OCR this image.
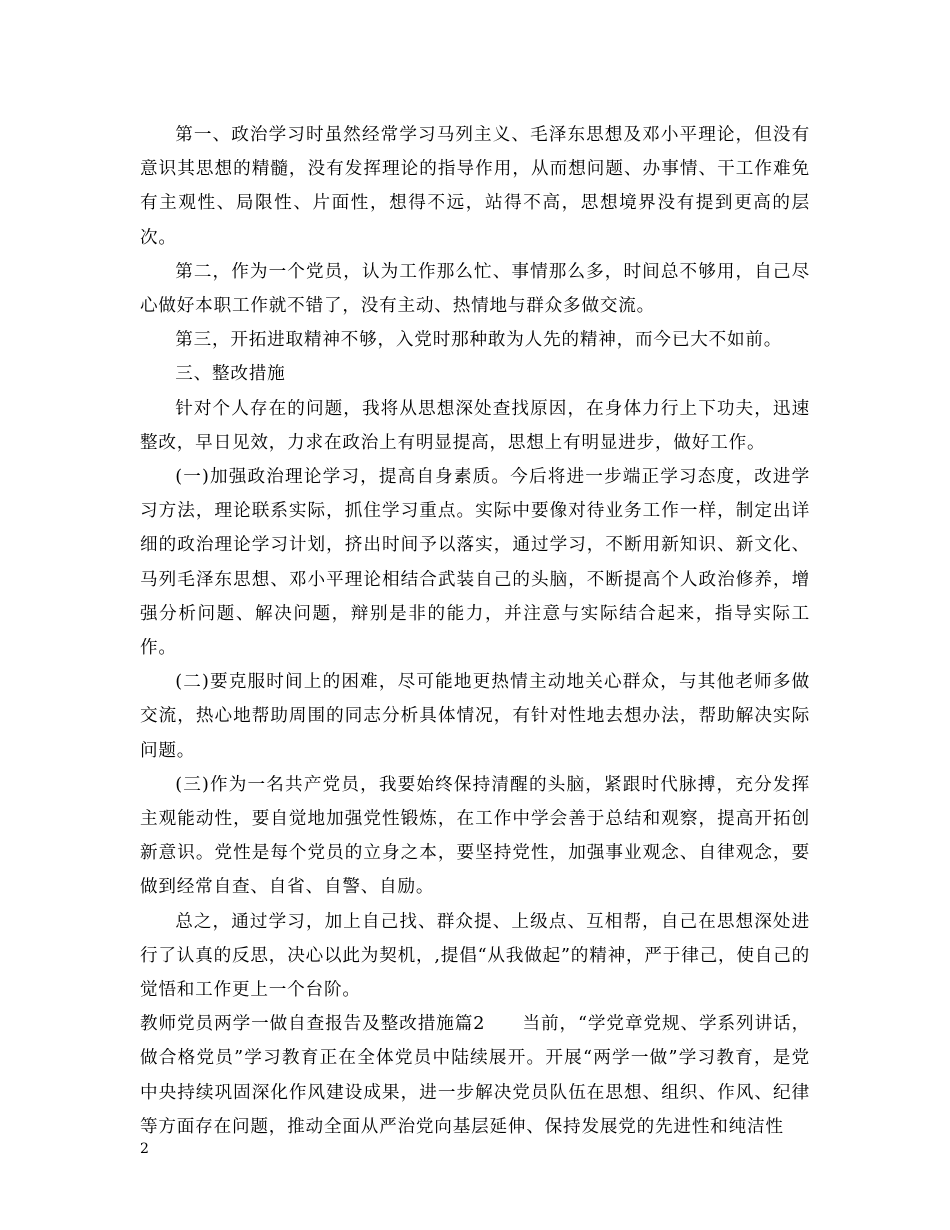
第一、政治学习时虽然经常学习马列主义、毛泽东思想及邓小平理论，但没有意识其思想的精髓，没有发挥理论的指导作用，从而想问题、办事情、干工作难免有主观性、局限性、片面性，想得不远，站得不高，思想境界没有提到更高的层次。

第二，作为一个党员，认为工作那么忙、事情那么多，时间总不够用，自己尽心做好本职工作就不错了，没有主动、热情地与群众多做交流。

第三，开拓进取精神不够，入党时那种敢为人先的精神，而今已大不如前。

三、整改措施

针对个人存在的问题，我将从思想深处查找原因，在身体力行上下功夫，迅速整改，早日见效，力求在政治上有明显提高，思想上有明显进步，做好工作。

(一)加强政治理论学习，提高自身素质。今后将进一步端正学习态度，改进学习方法，理论联系实际，抓住学习重点。实际中要像对待业务工作一样，制定出详细的政治理论学习计划，挤出时间予以落实，通过学习，不断用新知识、新文化、马列毛泽东思想、邓小平理论相结合武装自己的头脑，不断提高个人政治修养，增强分析问题、解决问题，辩别是非的能力，并注意与实际结合起来，指导实际工作。

(二)要克服时间上的困难，尽可能地更热情主动地关心群众，与其他老师多做交流，热心地帮助周围的同志分析具体情况，有针对性地去想办法，帮助解决实际问题。

(三)作为一名共产党员，我要始终保持清醒的头脑，紧跟时代脉搏，充分发挥主观能动性，要自觉地加强党性锻炼，在工作中学会善于总结和观察，提高开拓创新意识。党性是每个党员的立身之本，要坚持党性，加强事业观念、自律观念，要做到经常自查、自省、自警、自励。

总之，通过学习，加上自己找、群众提、上级点、互相帮，自己在思想深处进行了认真的反思，决心以此为契机，,提倡“从我做起”的精神，严于律己，使自己的觉悟和工作更上一个台阶。

教师党员两学一做自查报告及整改措施篇2　　当前，“学党章党规、学系列讲话，做合格党员”学习教育正在全体党员中陆续展开。开展“两学一做”学习教育，是党中央持续巩固深化作风建设成果，进一步解决党员队伍在思想、组织、作风、纪律等方面存在问题，推动全面从严治党向基层延伸、保持发展党的先进性和纯洁性

2
